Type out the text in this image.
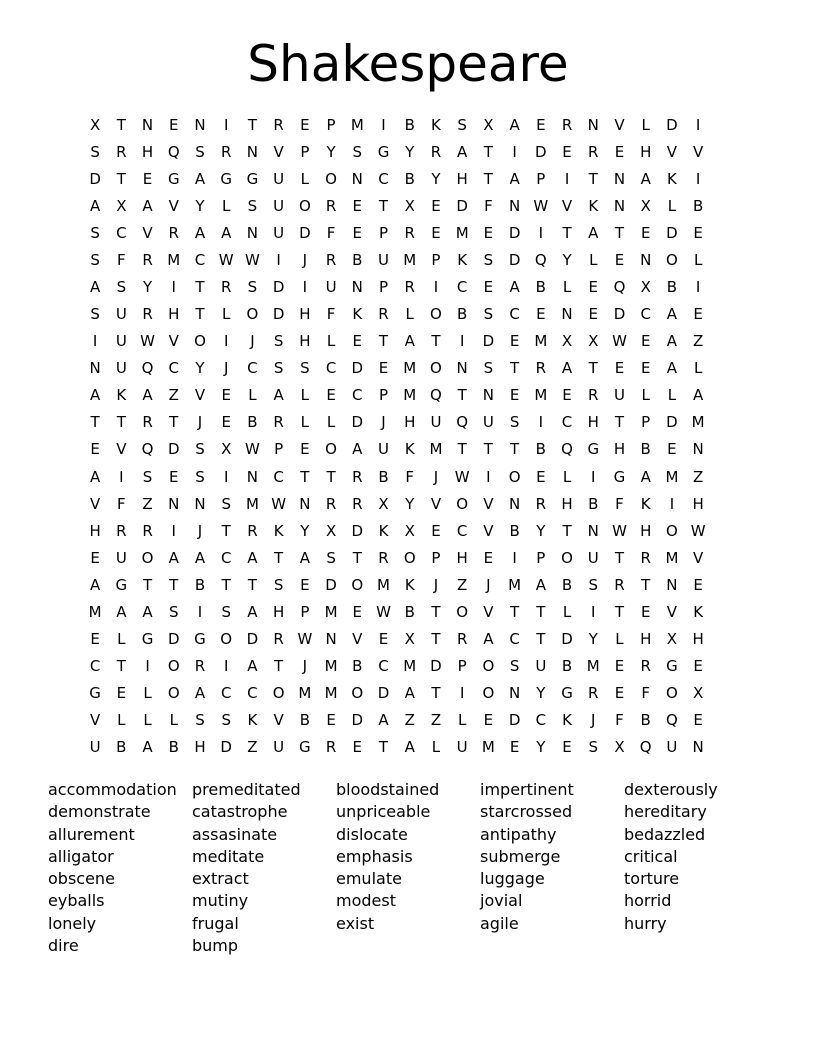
Shakespeare
X	T	N	E	N	I	T	R	E	P	M	I	B	K	S	X	A	E	R	N	V	L	D	I
S	R	H Q	S	R	N	V	P	Y	S	G	Y	R	A	T	I	D	E	R	E	H	V	V
D	T	E	G	A	G G U	L	O N	C	B	Y	H	T	A	P	I	T	N	A	K	I
A	X	A	V	Y	L	S	U O	R	E	T	X	E	D	F	N W V	K	N	X	L	B
S	C	V	R	A	A	N	U D	F	E	P	R	E	M	E	D	I	T	A	T	E	D	E
S	F	R M C W W	I	J	R	B	U M	P	K	S	D Q	Y	L	E	N O	L
A	S	Y	I	T	R	S	D	I	U	N	P	R	I	C	E	A	B	L	E	Q	X	B	I
S	U	R	H	T	L	O D H	F	K	R	L	O	B	S	C	E	N	E	D	C	A	E
I	U W V	O	I	J	S	H	L	E	T	A	T	I	D	E	M X	X W E	A	Z
N	U Q	C	Y	J	C	S	S	C	D	E	M O N	S	T	R	A	T	E	E	A	L
A	K	A	Z	V	E	L	A	L	E	C	P	M Q	T	N	E	M	E	R	U	L	L	A
T	T	R	T	J	E	B	R	L	L	D	J	H	U Q U	S	I	C	H	T	P	D M
E	V	Q D	S	X W P	E	O	A	U	K M	T	T	T	B	Q G H	B	E	N
A	I	S	E	S	I	N	C	T	T	R	B	F	J	W	I	O	E	L	I	G	A M Z
V	F	Z	N N	S M W N	R	R	X	Y	V	O	V	N	R	H	B	F	K	I	H
H	R	R	I	J	T	R	K	Y	X	D	K	X	E	C	V	B	Y	T	N W H O W
E	U O	A	A	C	A	T	A	S	T	R	O	P	H	E	I	P	O U	T	R M V
A	G	T	T	B	T	T	S	E	D O M K	J	Z	J	M A	B	S	R	T	N	E
M A	A	S	I	S	A	H	P	M	E W B	T	O	V	T	T	L	I	T	E	V	K
E	L	G D G O D	R W N	V	E	X	T	R	A	C	T	D	Y	L	H	X	H
C	T	I	O	R	I	A	T	J	M B	C M D	P	O	S	U	B M	E	R	G	E
G	E	L	O	A	C	C	O M M O D	A	T	I	O N	Y	G	R	E	F	O	X
V	L	L	L	S	S	K	V	B	E	D	A	Z	Z	L	E	D	C	K	J	F	B	Q	E
U	B	A	B	H D	Z	U G	R	E	T	A	L	U M	E	Y	E	S	X	Q U	N
accommodation
demonstrate
allurement
alligator
obscene
eyballs
lonely
dire
premeditated
catastrophe
assasinate
meditate
extract
mutiny
frugal
bump
bloodstained
unpriceable
dislocate
emphasis
emulate
modest
exist
impertinent
starcrossed
antipathy
submerge
luggage
jovial
agile
dexterously
hereditary
bedazzled
critical
torture
horrid
hurry
